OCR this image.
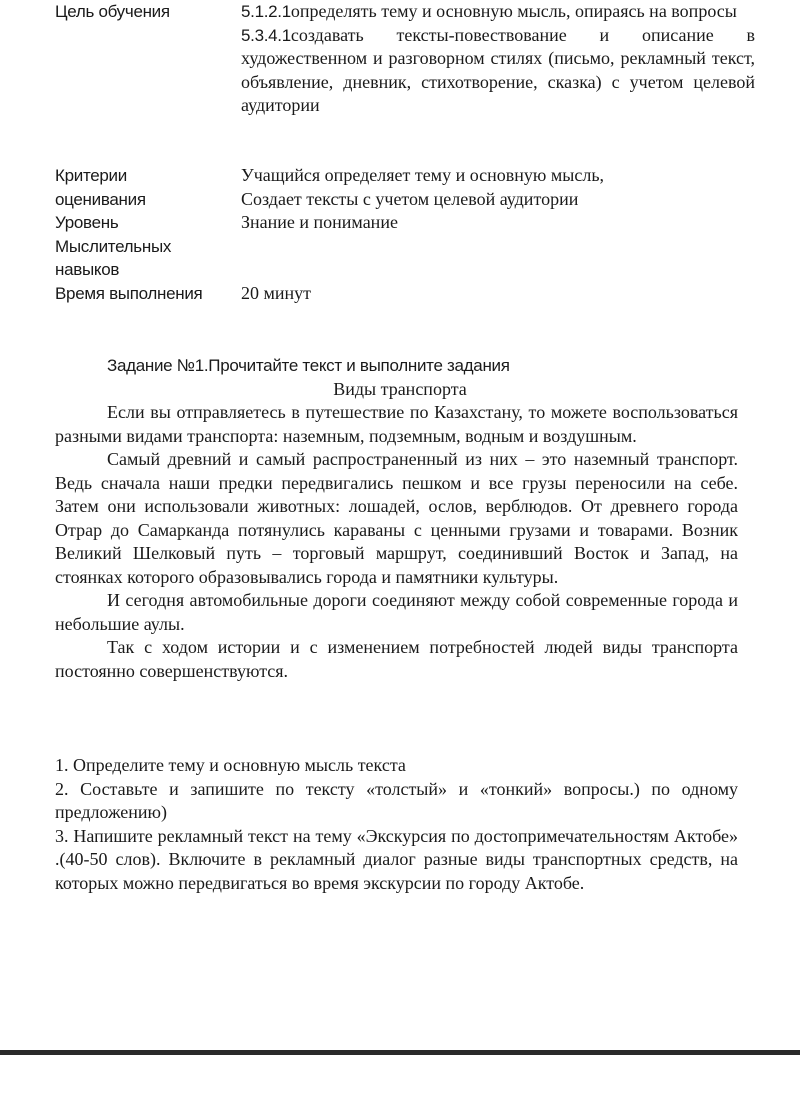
Цель обучения	5.1.2.1определять тему и основную мысль, опираясь на вопросы
5.3.4.1создавать тексты-повествование и описание в художественном и разговорном стилях (письмо, рекламный текст, объявление, дневник, стихотворение, сказка) с учетом целевой аудитории
Критерии оценивания
Учащийся определяет тему и основную мысль,
Создает тексты с учетом целевой аудитории
Уровень Мыслительных навыков
Знание и понимание
Время выполнения 20 минут
Задание №1.Прочитайте текст и выполните задания
Виды транспорта

Если вы отправляетесь в путешествие по Казахстану, то можете воспользоваться разными видами транспорта: наземным, подземным, водным и воздушным.

Самый древний и самый распространенный из них – это наземный транспорт. Ведь сначала наши предки передвигались пешком и все грузы переносили на себе. Затем они использовали животных: лошадей, ослов, верблюдов. От древнего города Отрар до Самарканда потянулись караваны с ценными грузами и товарами. Возник Великий Шелковый путь – торговый маршрут, соединивший Восток и Запад, на стоянках которого образовывались города и памятники культуры.

И сегодня автомобильные дороги соединяют между собой современные города и небольшие аулы.

Так с ходом истории и с изменением потребностей людей виды транспорта постоянно совершенствуются.

1. Определите тему и основную мысль текста

2. Составьте и запишите по тексту «толстый» и «тонкий» вопросы.) по одному предложению)

3. Напишите рекламный текст на тему «Экскурсия по достопримечательностям Актобе» .(40-50 слов). Включите в рекламный диалог разные виды транспортных средств, на которых можно передвигаться во время экскурсии по городу Актобе.
